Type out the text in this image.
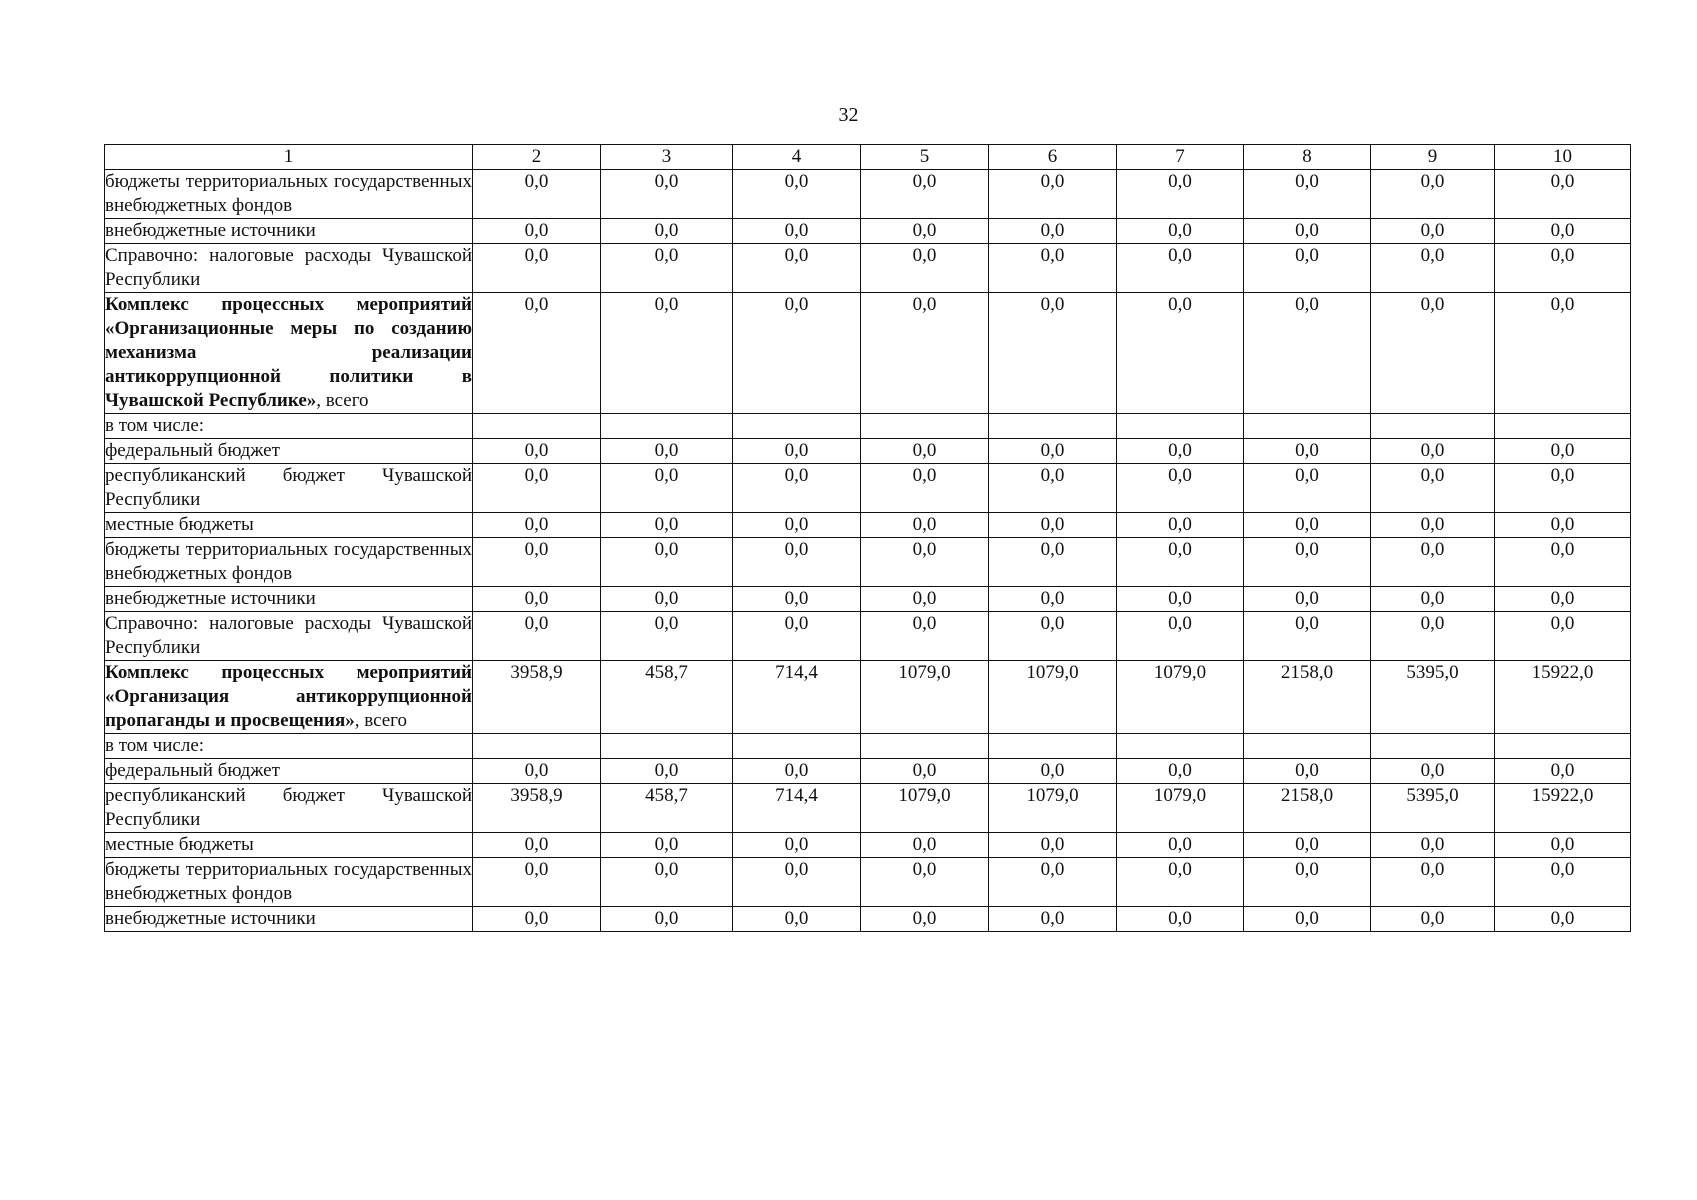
32
1	2	3	4	5	6	7	8	9	10
бюджеты территориальных государственных внебюджетных фондов	0,0	0,0	0,0	0,0	0,0	0,0	0,0	0,0	0,0
внебюджетные источники	0,0	0,0	0,0	0,0	0,0	0,0	0,0	0,0	0,0
Справочно: налоговые расходы Чувашской Республики	0,0	0,0	0,0	0,0	0,0	0,0	0,0	0,0	0,0
Комплекс процессных мероприятий «Организационные меры по созданию механизма реализации антикоррупционной политики в Чувашской Республике», всего	0,0	0,0	0,0	0,0	0,0	0,0	0,0	0,0	0,0
в том числе:									
федеральный бюджет	0,0	0,0	0,0	0,0	0,0	0,0	0,0	0,0	0,0
республиканский бюджет Чувашской Республики	0,0	0,0	0,0	0,0	0,0	0,0	0,0	0,0	0,0
местные бюджеты	0,0	0,0	0,0	0,0	0,0	0,0	0,0	0,0	0,0
бюджеты территориальных государственных внебюджетных фондов	0,0	0,0	0,0	0,0	0,0	0,0	0,0	0,0	0,0
внебюджетные источники	0,0	0,0	0,0	0,0	0,0	0,0	0,0	0,0	0,0
Справочно: налоговые расходы Чувашской Республики	0,0	0,0	0,0	0,0	0,0	0,0	0,0	0,0	0,0
Комплекс процессных мероприятий «Организация антикоррупционной пропаганды и просвещения», всего	3958,9	458,7	714,4	1079,0	1079,0	1079,0	2158,0	5395,0	15922,0
в том числе:									
федеральный бюджет	0,0	0,0	0,0	0,0	0,0	0,0	0,0	0,0	0,0
республиканский бюджет Чувашской Республики	3958,9	458,7	714,4	1079,0	1079,0	1079,0	2158,0	5395,0	15922,0
местные бюджеты	0,0	0,0	0,0	0,0	0,0	0,0	0,0	0,0	0,0
бюджеты территориальных государственных внебюджетных фондов	0,0	0,0	0,0	0,0	0,0	0,0	0,0	0,0	0,0
внебюджетные источники	0,0	0,0	0,0	0,0	0,0	0,0	0,0	0,0	0,0
